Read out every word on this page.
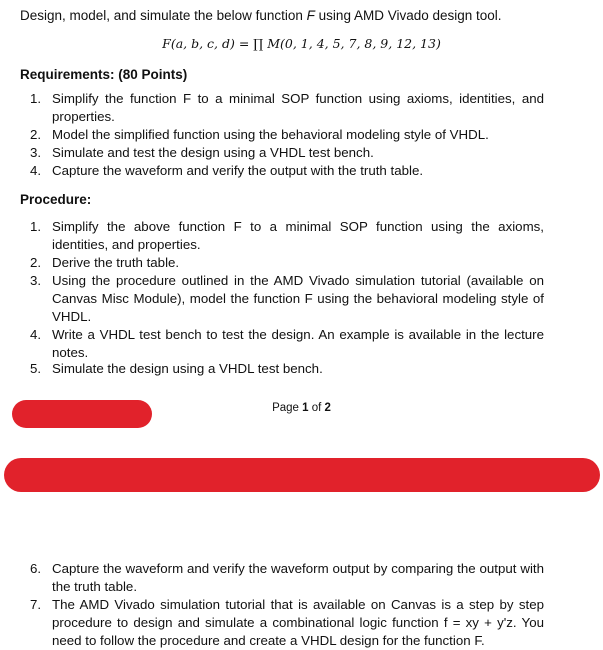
Design, model, and simulate the below function F using AMD Vivado design tool.
F(a, b, c, d) = ∏ M(0, 1, 4, 5, 7, 8, 9, 12, 13)
Requirements: (80 Points)
1. Simplify the function F to a minimal SOP function using axioms, identities, and properties.
2. Model the simplified function using the behavioral modeling style of VHDL.
3. Simulate and test the design using a VHDL test bench.
4. Capture the waveform and verify the output with the truth table.
Procedure:
1. Simplify the above function F to a minimal SOP function using the axioms, identities, and properties.
2. Derive the truth table.
3. Using the procedure outlined in the AMD Vivado simulation tutorial (available on Canvas Misc Module), model the function F using the behavioral modeling style of VHDL.
4. Write a VHDL test bench to test the design. An example is available in the lecture notes.
5. Simulate the design using a VHDL test bench.
Page 1 of 2
6. Capture the waveform and verify the waveform output by comparing the output with the truth table.
7. The AMD Vivado simulation tutorial that is available on Canvas is a step by step procedure to design and simulate a combinational logic function f = xy + y'z. You need to follow the procedure and create a VHDL design for the function F.
